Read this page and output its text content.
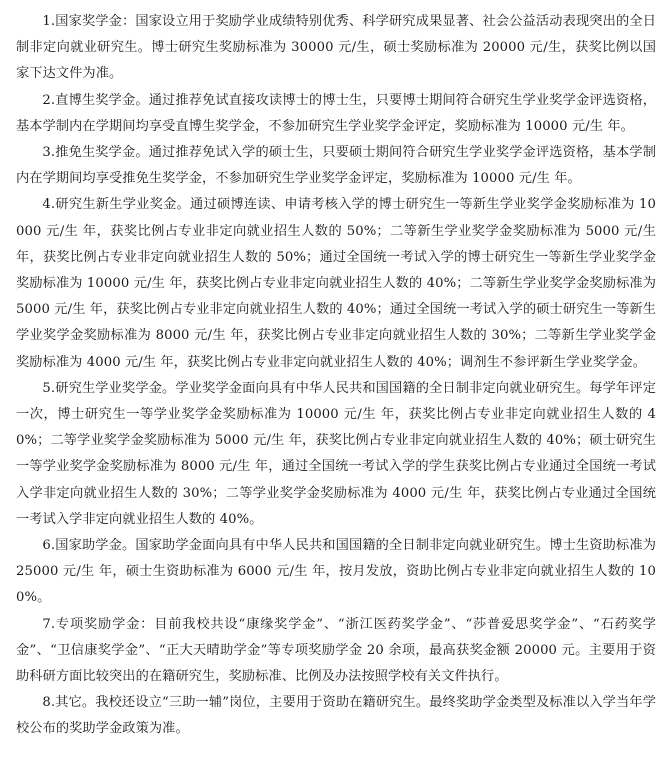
1.国家奖学金：国家设立用于奖励学业成绩特别优秀、科学研究成果显著、社会公益活动表现突出的全日制非定向就业研究生。博士研究生奖励标准为 30000 元/生，硕士奖励标准为 20000 元/生，获奖比例以国家下达文件为准。

2.直博生奖学金。通过推荐免试直接攻读博士的博士生，只要博士期间符合研究生学业奖学金评选资格，基本学制内在学期间均享受直博生奖学金，不参加研究生学业奖学金评定，奖励标准为 10000 元/生 年。

3.推免生奖学金。通过推荐免试入学的硕士生，只要硕士期间符合研究生学业奖学金评选资格，基本学制内在学期间均享受推免生奖学金，不参加研究生学业奖学金评定，奖励标准为 10000 元/生 年。

4.研究生新生学业奖金。通过硕博连读、申请考核入学的博士研究生一等新生学业奖学金奖励标准为 10000 元/生 年，获奖比例占专业非定向就业招生人数的 50%；二等新生学业奖学金奖励标准为 5000 元/生 年，获奖比例占专业非定向就业招生人数的 50%；通过全国统一考试入学的博士研究生一等新生学业奖学金奖励标准为 10000 元/生 年，获奖比例占专业非定向就业招生人数的 40%；二等新生学业奖学金奖励标准为 5000 元/生 年，获奖比例占专业非定向就业招生人数的 40%；通过全国统一考试入学的硕士研究生一等新生学业奖学金奖励标准为 8000 元/生 年，获奖比例占专业非定向就业招生人数的 30%；二等新生学业奖学金奖励标准为 4000 元/生 年，获奖比例占专业非定向就业招生人数的 40%；调剂生不参评新生学业奖学金。

5.研究生学业奖学金。学业奖学金面向具有中华人民共和国国籍的全日制非定向就业研究生。每学年评定一次，博士研究生一等学业奖学金奖励标准为 10000 元/生 年，获奖比例占专业非定向就业招生人数的 40%；二等学业奖学金奖励标准为 5000 元/生 年，获奖比例占专业非定向就业招生人数的 40%；硕士研究生一等学业奖学金奖励标准为 8000 元/生 年，通过全国统一考试入学的学生获奖比例占专业通过全国统一考试入学非定向就业招生人数的 30%；二等学业奖学金奖励标准为 4000 元/生 年，获奖比例占专业通过全国统一考试入学非定向就业招生人数的 40%。

6.国家助学金。国家助学金面向具有中华人民共和国国籍的全日制非定向就业研究生。博士生资助标准为 25000 元/生 年，硕士生资助标准为 6000 元/生 年，按月发放，资助比例占专业非定向就业招生人数的 100%。

7.专项奖励学金：目前我校共设“康缘奖学金”、“浙江医药奖学金”、“莎普爱思奖学金”、“石药奖学金”、“卫信康奖学金”、“正大天晴助学金”等专项奖励学金 20 余项，最高获奖金额 20000 元。主要用于资助科研方面比较突出的在籍研究生，奖励标准、比例及办法按照学校有关文件执行。

8.其它。我校还设立“三助一辅”岗位，主要用于资助在籍研究生。最终奖助学金类型及标准以入学当年学校公布的奖助学金政策为准。
